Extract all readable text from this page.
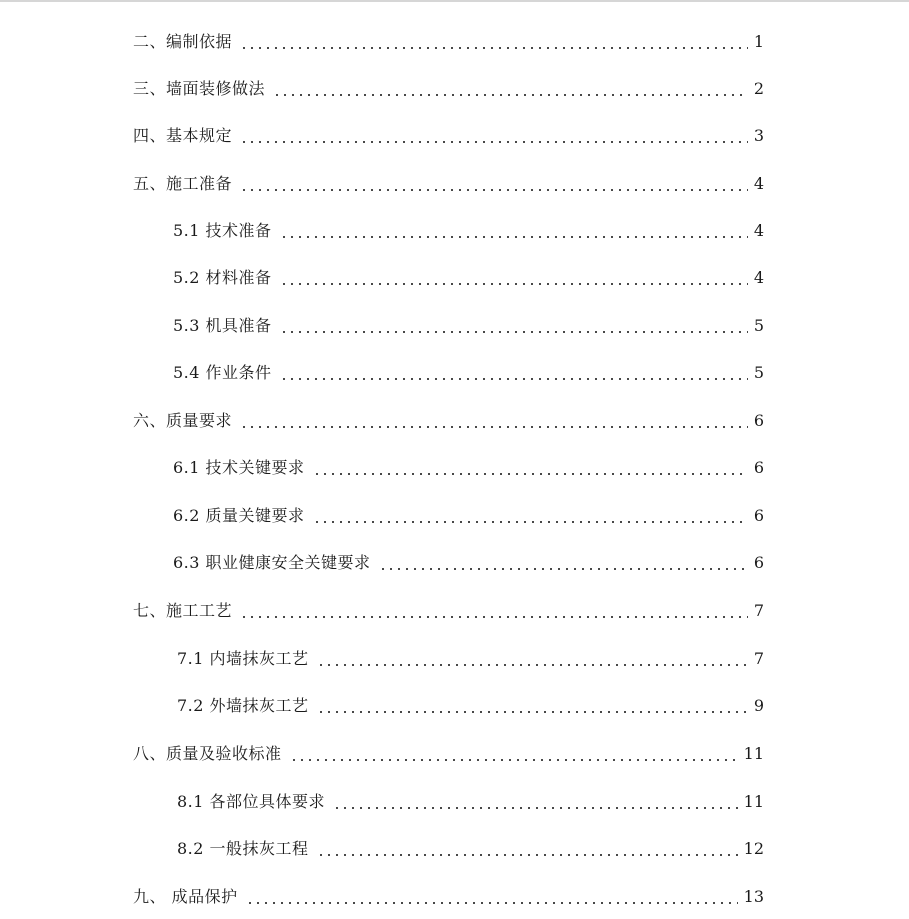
二、编制依据	1
三、墙面装修做法	2
四、基本规定	3
五、施工准备	4
5.1 技术准备	4
5.2 材料准备	4
5.3 机具准备	5
5.4 作业条件	5
六、质量要求	6
6.1 技术关键要求	6
6.2 质量关键要求	6
6.3 职业健康安全关键要求	6
七、施工工艺	7
7.1 内墙抹灰工艺	7
7.2 外墙抹灰工艺	9
八、质量及验收标准	11
8.1 各部位具体要求	11
8.2 一般抹灰工程	12
九、 成品保护	13
